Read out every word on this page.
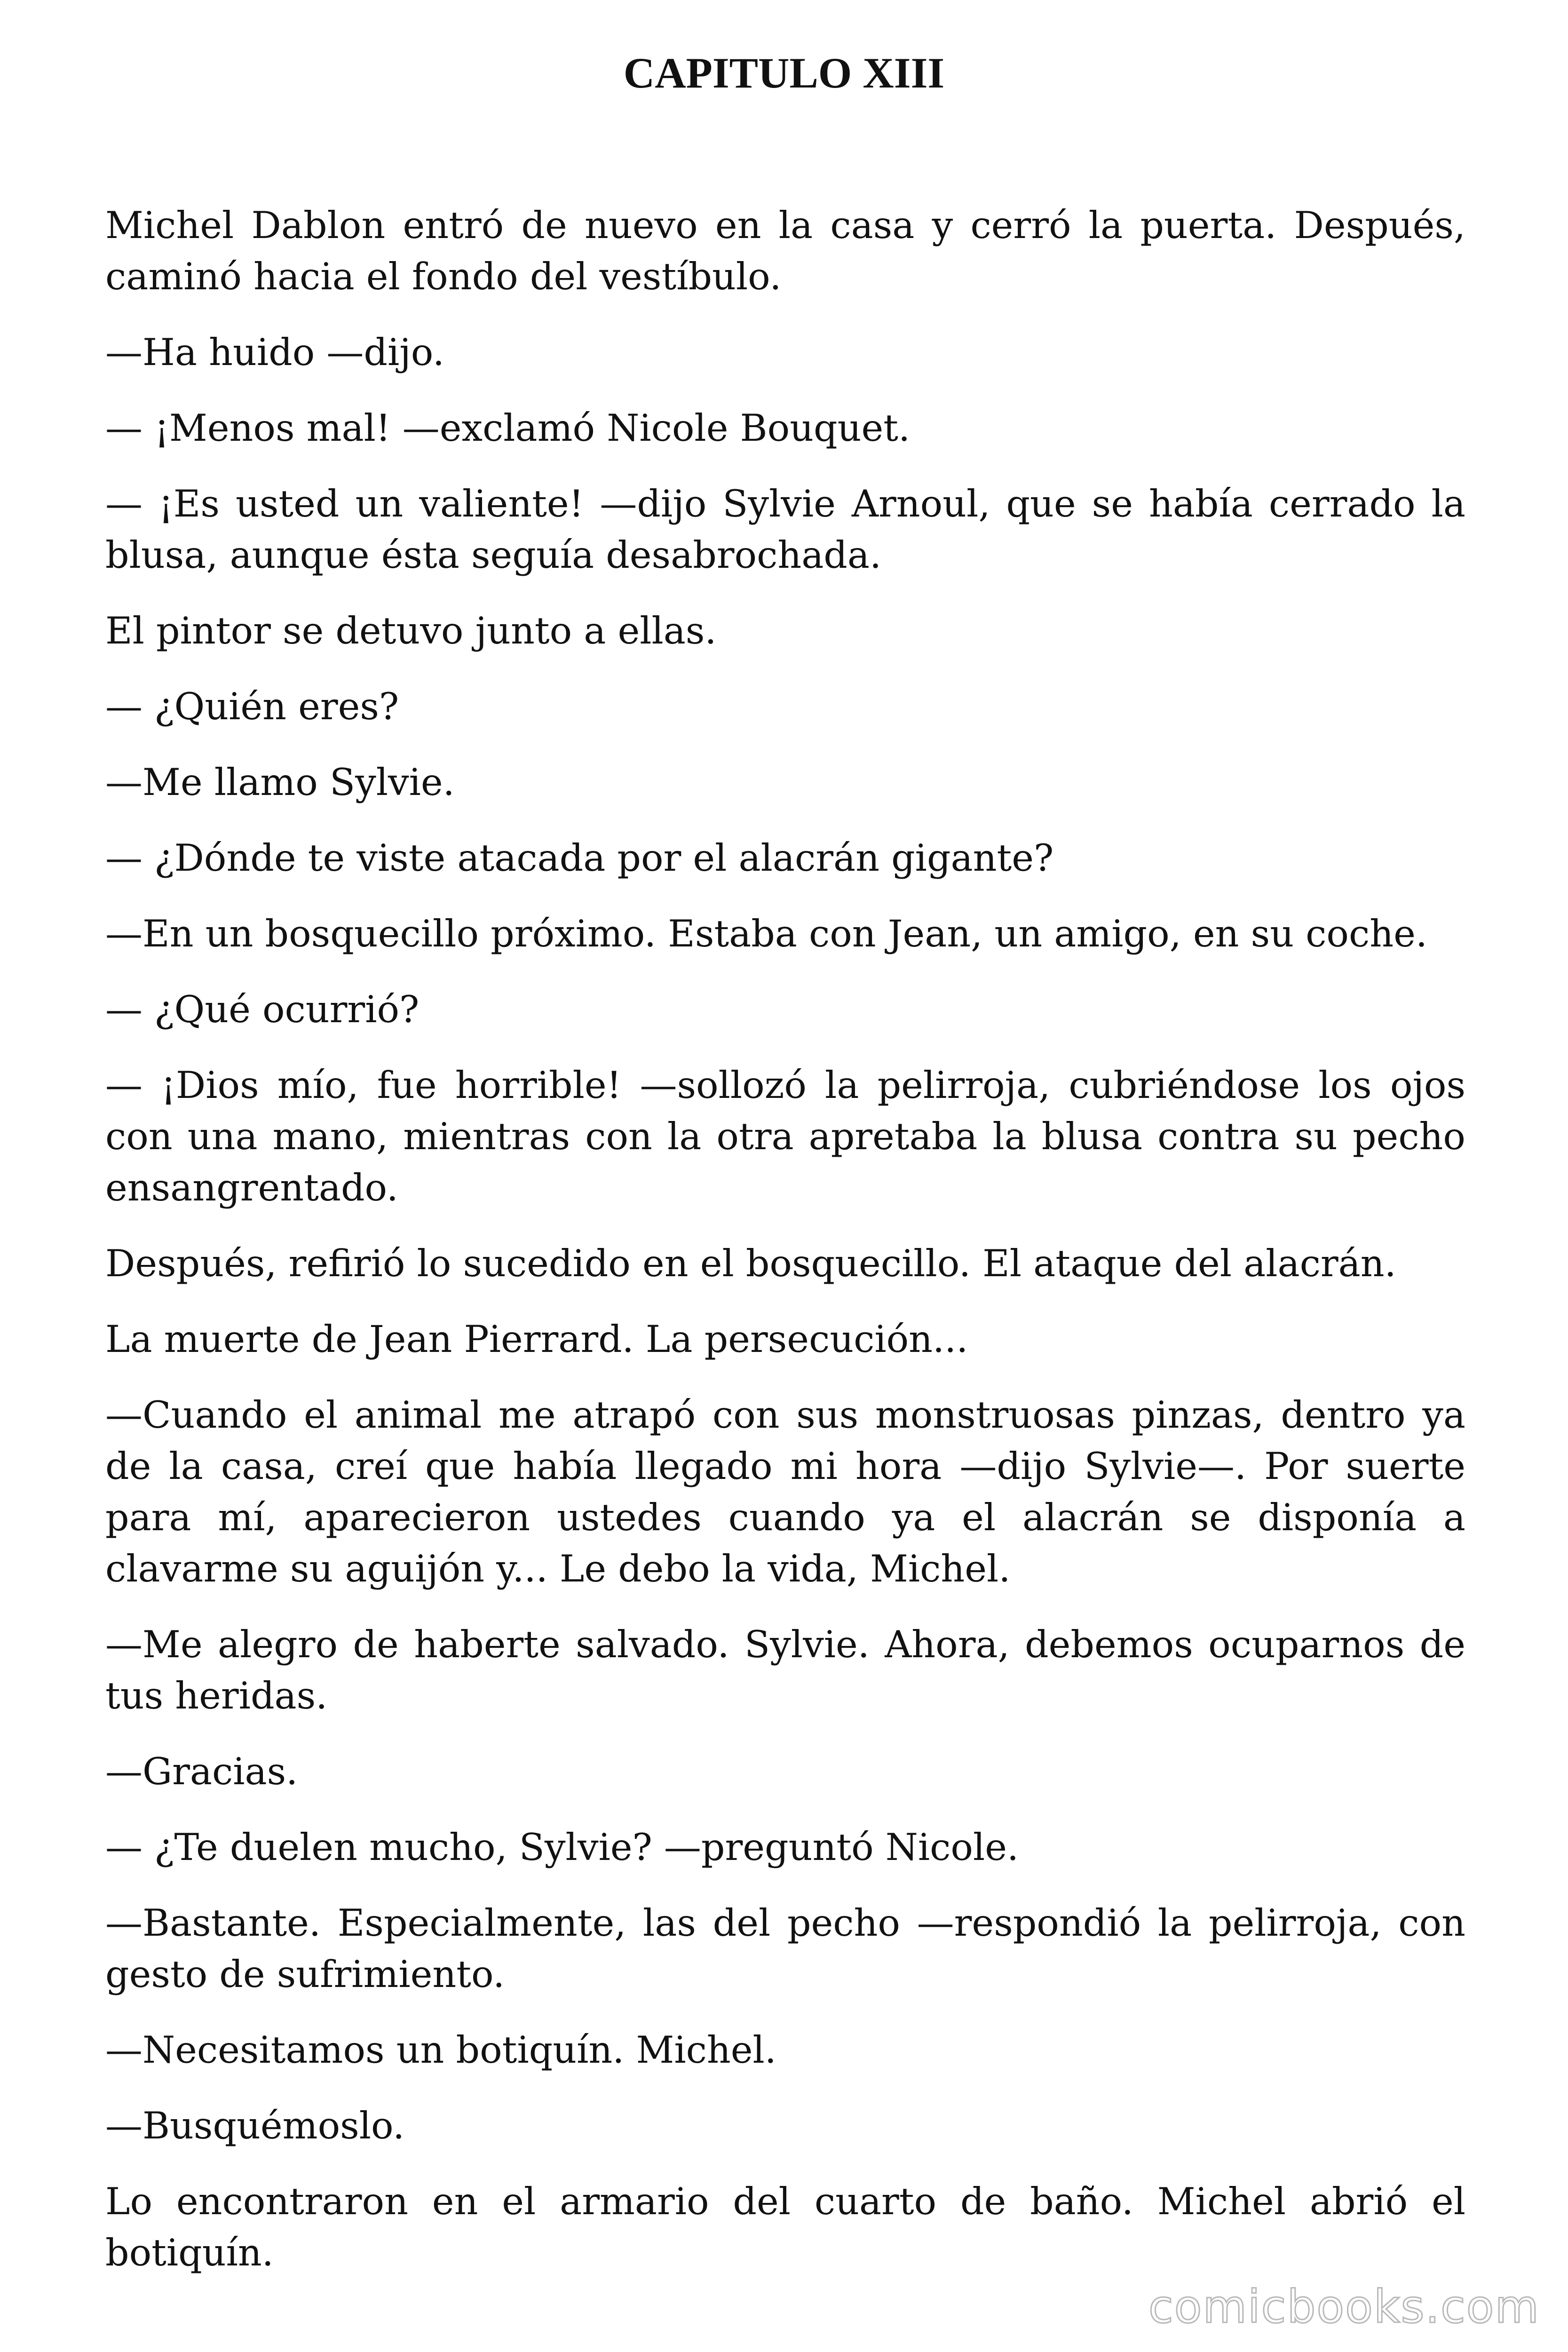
CAPITULO XIII

Michel Dablon entró de nuevo en la casa y cerró la puerta. Después, caminó hacia el fondo del vestíbulo.

—Ha huido —dijo.

— ¡Menos mal! —exclamó Nicole Bouquet.

— ¡Es usted un valiente! —dijo Sylvie Arnoul, que se había cerrado la blusa, aunque ésta seguía desabrochada.

El pintor se detuvo junto a ellas.

— ¿Quién eres?

—Me llamo Sylvie.

— ¿Dónde te viste atacada por el alacrán gigante?

—En un bosquecillo próximo. Estaba con Jean, un amigo, en su coche.

— ¿Qué ocurrió?

— ¡Dios mío, fue horrible! —sollozó la pelirroja, cubriéndose los ojos con una mano, mientras con la otra apretaba la blusa contra su pecho ensangrentado.

Después, refirió lo sucedido en el bosquecillo. El ataque del alacrán.

La muerte de Jean Pierrard. La persecución...

—Cuando el animal me atrapó con sus monstruosas pinzas, dentro ya de la casa, creí que había llegado mi hora —dijo Sylvie—. Por suerte para mí, aparecieron ustedes cuando ya el alacrán se disponía a clavarme su aguijón y... Le debo la vida, Michel.

—Me alegro de haberte salvado. Sylvie. Ahora, debemos ocuparnos de tus heridas.

—Gracias.

— ¿Te duelen mucho, Sylvie? —preguntó Nicole.

—Bastante. Especialmente, las del pecho —respondió la pelirroja, con gesto de sufrimiento.

—Necesitamos un botiquín. Michel.

—Busquémoslo.

Lo encontraron en el armario del cuarto de baño. Michel abrió el botiquín.

comicbooks.com
